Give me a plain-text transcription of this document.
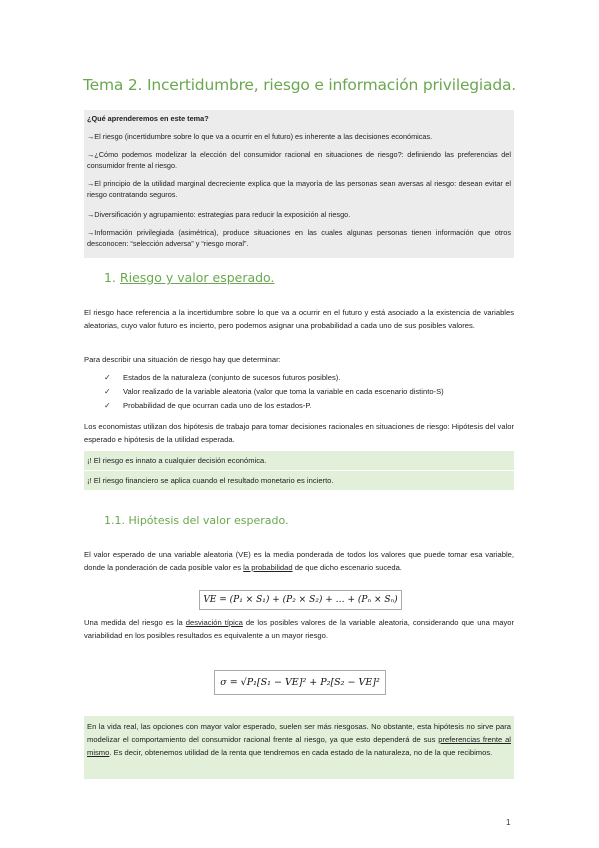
Tema 2. Incertidumbre, riesgo e información privilegiada.
¿Qué aprenderemos en este tema?
→El riesgo (incertidumbre sobre lo que va a ocurrir en el futuro) es inherente a las decisiones económicas.
→¿Cómo podemos modelizar la elección del consumidor racional en situaciones de riesgo?: definiendo las preferencias del consumidor frente al riesgo.
→El principio de la utilidad marginal decreciente explica que la mayoría de las personas sean aversas al riesgo: desean evitar el riesgo contratando seguros.
→Diversificación y agrupamiento: estrategias para reducir la exposición al riesgo.
→Información privilegiada (asimétrica), produce situaciones en las cuales algunas personas tienen información que otros desconocen: “selección adversa” y “riesgo moral”.
1. Riesgo y valor esperado.
El riesgo hace referencia a la incertidumbre sobre lo que va a ocurrir en el futuro y está asociado a la existencia de variables aleatorias, cuyo valor futuro es incierto, pero podemos asignar una probabilidad a cada uno de sus posibles valores.
Para describir una situación de riesgo hay que determinar:
✓ Estados de la naturaleza (conjunto de sucesos futuros posibles).
✓ Valor realizado de la variable aleatoria (valor que toma la variable en cada escenario distinto-S)
✓ Probabilidad de que ocurran cada uno de los estados-P.
Los economistas utilizan dos hipótesis de trabajo para tomar decisiones racionales en situaciones de riesgo: Hipótesis del valor esperado e hipótesis de la utilidad esperada.
¡! El riesgo es innato a cualquier decisión económica.
¡! El riesgo financiero se aplica cuando el resultado monetario es incierto.
1.1. Hipótesis del valor esperado.
El valor esperado de una variable aleatoria (VE) es la media ponderada de todos los valores que puede tomar esa variable, donde la ponderación de cada posible valor es la probabilidad de que dicho escenario suceda.
VE = (P₁ × S₁) + (P₂ × S₂) + … + (Pₙ × Sₙ)
Una medida del riesgo es la desviación típica de los posibles valores de la variable aleatoria, considerando que una mayor variabilidad en los posibles resultados es equivalente a un mayor riesgo.
σ = √P₁[S₁ − VE]² + P₂[S₂ − VE]²
En la vida real, las opciones con mayor valor esperado, suelen ser más riesgosas. No obstante, esta hipótesis no sirve para modelizar el comportamiento del consumidor racional frente al riesgo, ya que esto dependerá de sus preferencias frente al mismo. Es decir, obtenemos utilidad de la renta que tendremos en cada estado de la naturaleza, no de la que recibimos.
1
